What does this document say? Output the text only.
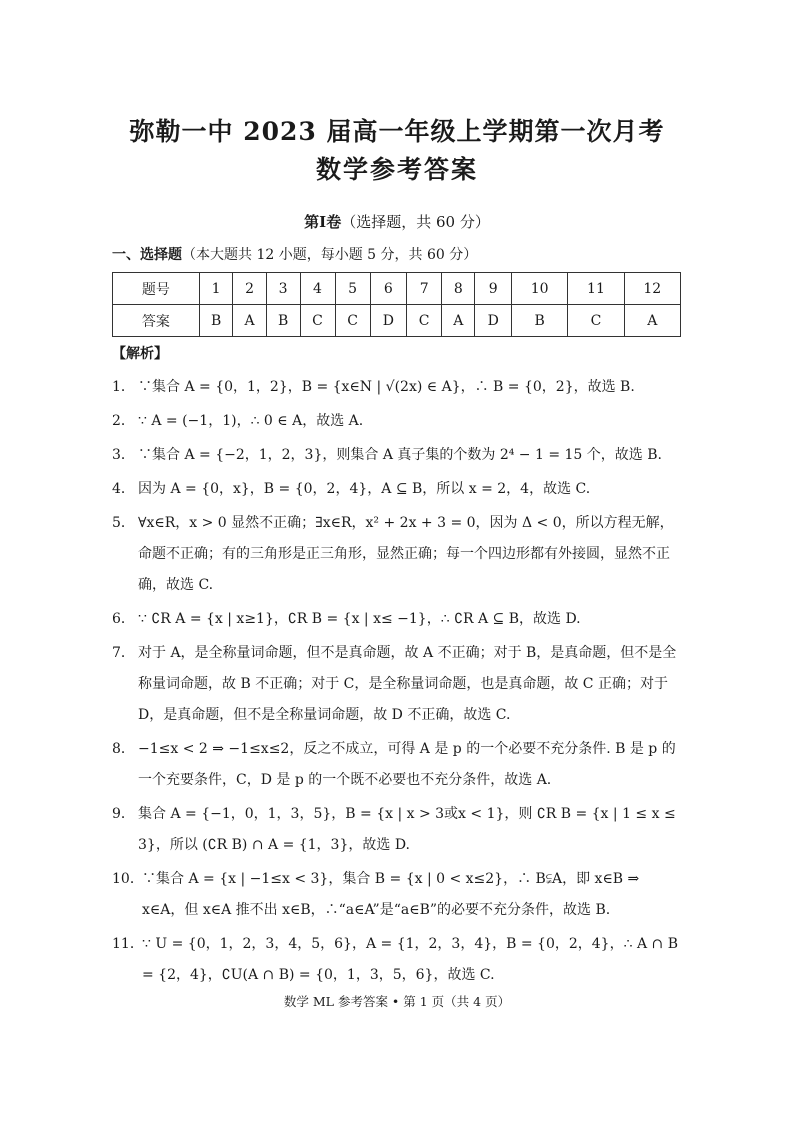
弥勒一中 2023 届高一年级上学期第一次月考
数学参考答案
第Ⅰ卷（选择题，共 60 分）
一、选择题（本大题共 12 小题，每小题 5 分，共 60 分）
题号	1	2	3	4	5	6	7	8	9	10	11	12
答案	B	A	B	C	C	D	C	A	D	B	C	A
【解析】
1． ∵集合 A = {0，1，2}，B = {x∈N | √(2x) ∈ A}，∴ B = {0，2}，故选 B.
2． ∵ A = (−1，1)，∴ 0 ∈ A，故选 A.
3． ∵集合 A = {−2，1，2，3}，则集合 A 真子集的个数为 2⁴ − 1 = 15 个，故选 B.
4． 因为 A = {0，x}，B = {0，2，4}，A ⊆ B，所以 x = 2，4，故选 C.
5． ∀x∈R，x > 0 显然不正确；∃x∈R，x² + 2x + 3 = 0，因为 Δ < 0，所以方程无解，命题不正确；有的三角形是正三角形，显然正确；每一个四边形都有外接圆，显然不正确，故选 C.
6． ∵ ∁R A = {x | x≥1}，∁R B = {x | x≤ −1}，∴ ∁R A ⊆ B，故选 D.
7． 对于 A，是全称量词命题，但不是真命题，故 A 不正确；对于 B，是真命题，但不是全称量词命题，故 B 不正确；对于 C，是全称量词命题，也是真命题，故 C 正确；对于 D，是真命题，但不是全称量词命题，故 D 不正确，故选 C.
8． −1≤x < 2 ⇒ −1≤x≤2，反之不成立，可得 A 是 p 的一个必要不充分条件. B 是 p 的一个充要条件，C，D 是 p 的一个既不必要也不充分条件，故选 A.
9． 集合 A = {−1，0，1，3，5}，B = {x | x > 3或x < 1}，则 ∁R B = {x | 1 ≤ x ≤ 3}，所以 (∁R B) ∩ A = {1，3}，故选 D.
10．
∵集合 A = {x | −1≤x < 3}，集合 B = {x | 0 < x≤2}，∴ B⫋A，即 x∈B ⇒ x∈A，但 x∈A 推不出 x∈B，∴“a∈A”是“a∈B”的必要不充分条件，故选 B.
11．
∵ U = {0，1，2，3，4，5，6}，A = {1，2，3，4}，B = {0，2，4}，∴ A ∩ B = {2，4}，∁U(A ∩ B) = {0，1，3，5，6}，故选 C.
数学 ML 参考答案 • 第 1 页（共 4 页）
